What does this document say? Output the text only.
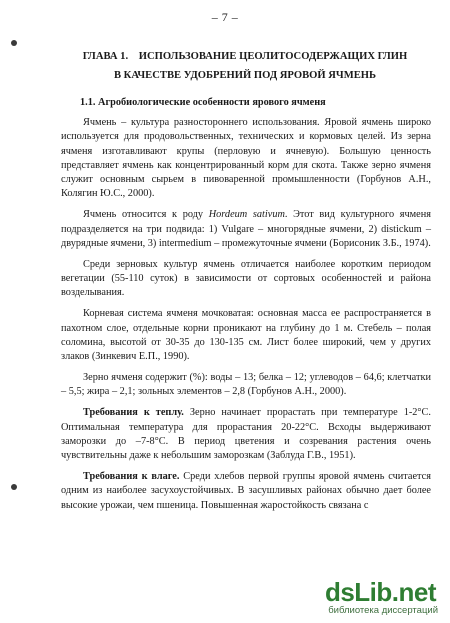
– 7 –
ГЛАВА 1.    ИСПОЛЬЗОВАНИЕ ЦЕОЛИТОСОДЕРЖАЩИХ ГЛИН
В КАЧЕСТВЕ УДОБРЕНИЙ ПОД ЯРОВОЙ ЯЧМЕНЬ
1.1. Агробиологические особенности ярового ячменя

Ячмень – культура разностороннего использования. Яровой ячмень широко используется для продовольственных, технических и кормовых целей. Из зерна ячменя изготавливают крупы (перловую и ячневую). Большую ценность представляет ячмень как концентрированный корм для скота. Также зерно ячменя служит основным сырьем в пивоваренной промышленности (Горбунов А.Н., Колягин Ю.С., 2000).

Ячмень относится к роду Hordeum sativum. Этот вид культурного ячменя подразделяется на три подвида: 1) Vulgare – многорядные ячмени, 2) distickum – двурядные ячмени, 3) intermedium – промежуточные ячмени (Борисоник З.Б., 1974).

Среди зерновых культур ячмень отличается наиболее коротким периодом вегетации (55-110 суток) в зависимости от сортовых особенностей и района возделывания.

Корневая система ячменя мочковатая: основная масса ее распространяется в пахотном слое, отдельные корни проникают на глубину до 1 м. Стебель – полая соломина, высотой от 30-35 до 130-135 см. Лист более широкий, чем у других злаков (Зинкевич Е.П., 1990).

Зерно ячменя содержит (%): воды – 13; белка – 12; углеводов – 64,6; клетчатки – 5,5; жира – 2,1; зольных элементов – 2,8 (Горбунов А.Н., 2000).

Требования к теплу. Зерно начинает прорастать при температуре 1-2°C. Оптимальная температура для прорастания 20-22°C. Всходы выдерживают заморозки до –7-8°C. В период цветения и созревания растения очень чувствительны даже к небольшим заморозкам (Заблуда Г.В., 1951).

Требования к влаге. Среди хлебов первой группы яровой ячмень считается одним из наиболее засухоустойчивых. В засушливых районах обычно дает более высокие урожаи, чем пшеница. Повышенная жаростойкость связана с

dsLib.net
библиотека диссертаций
